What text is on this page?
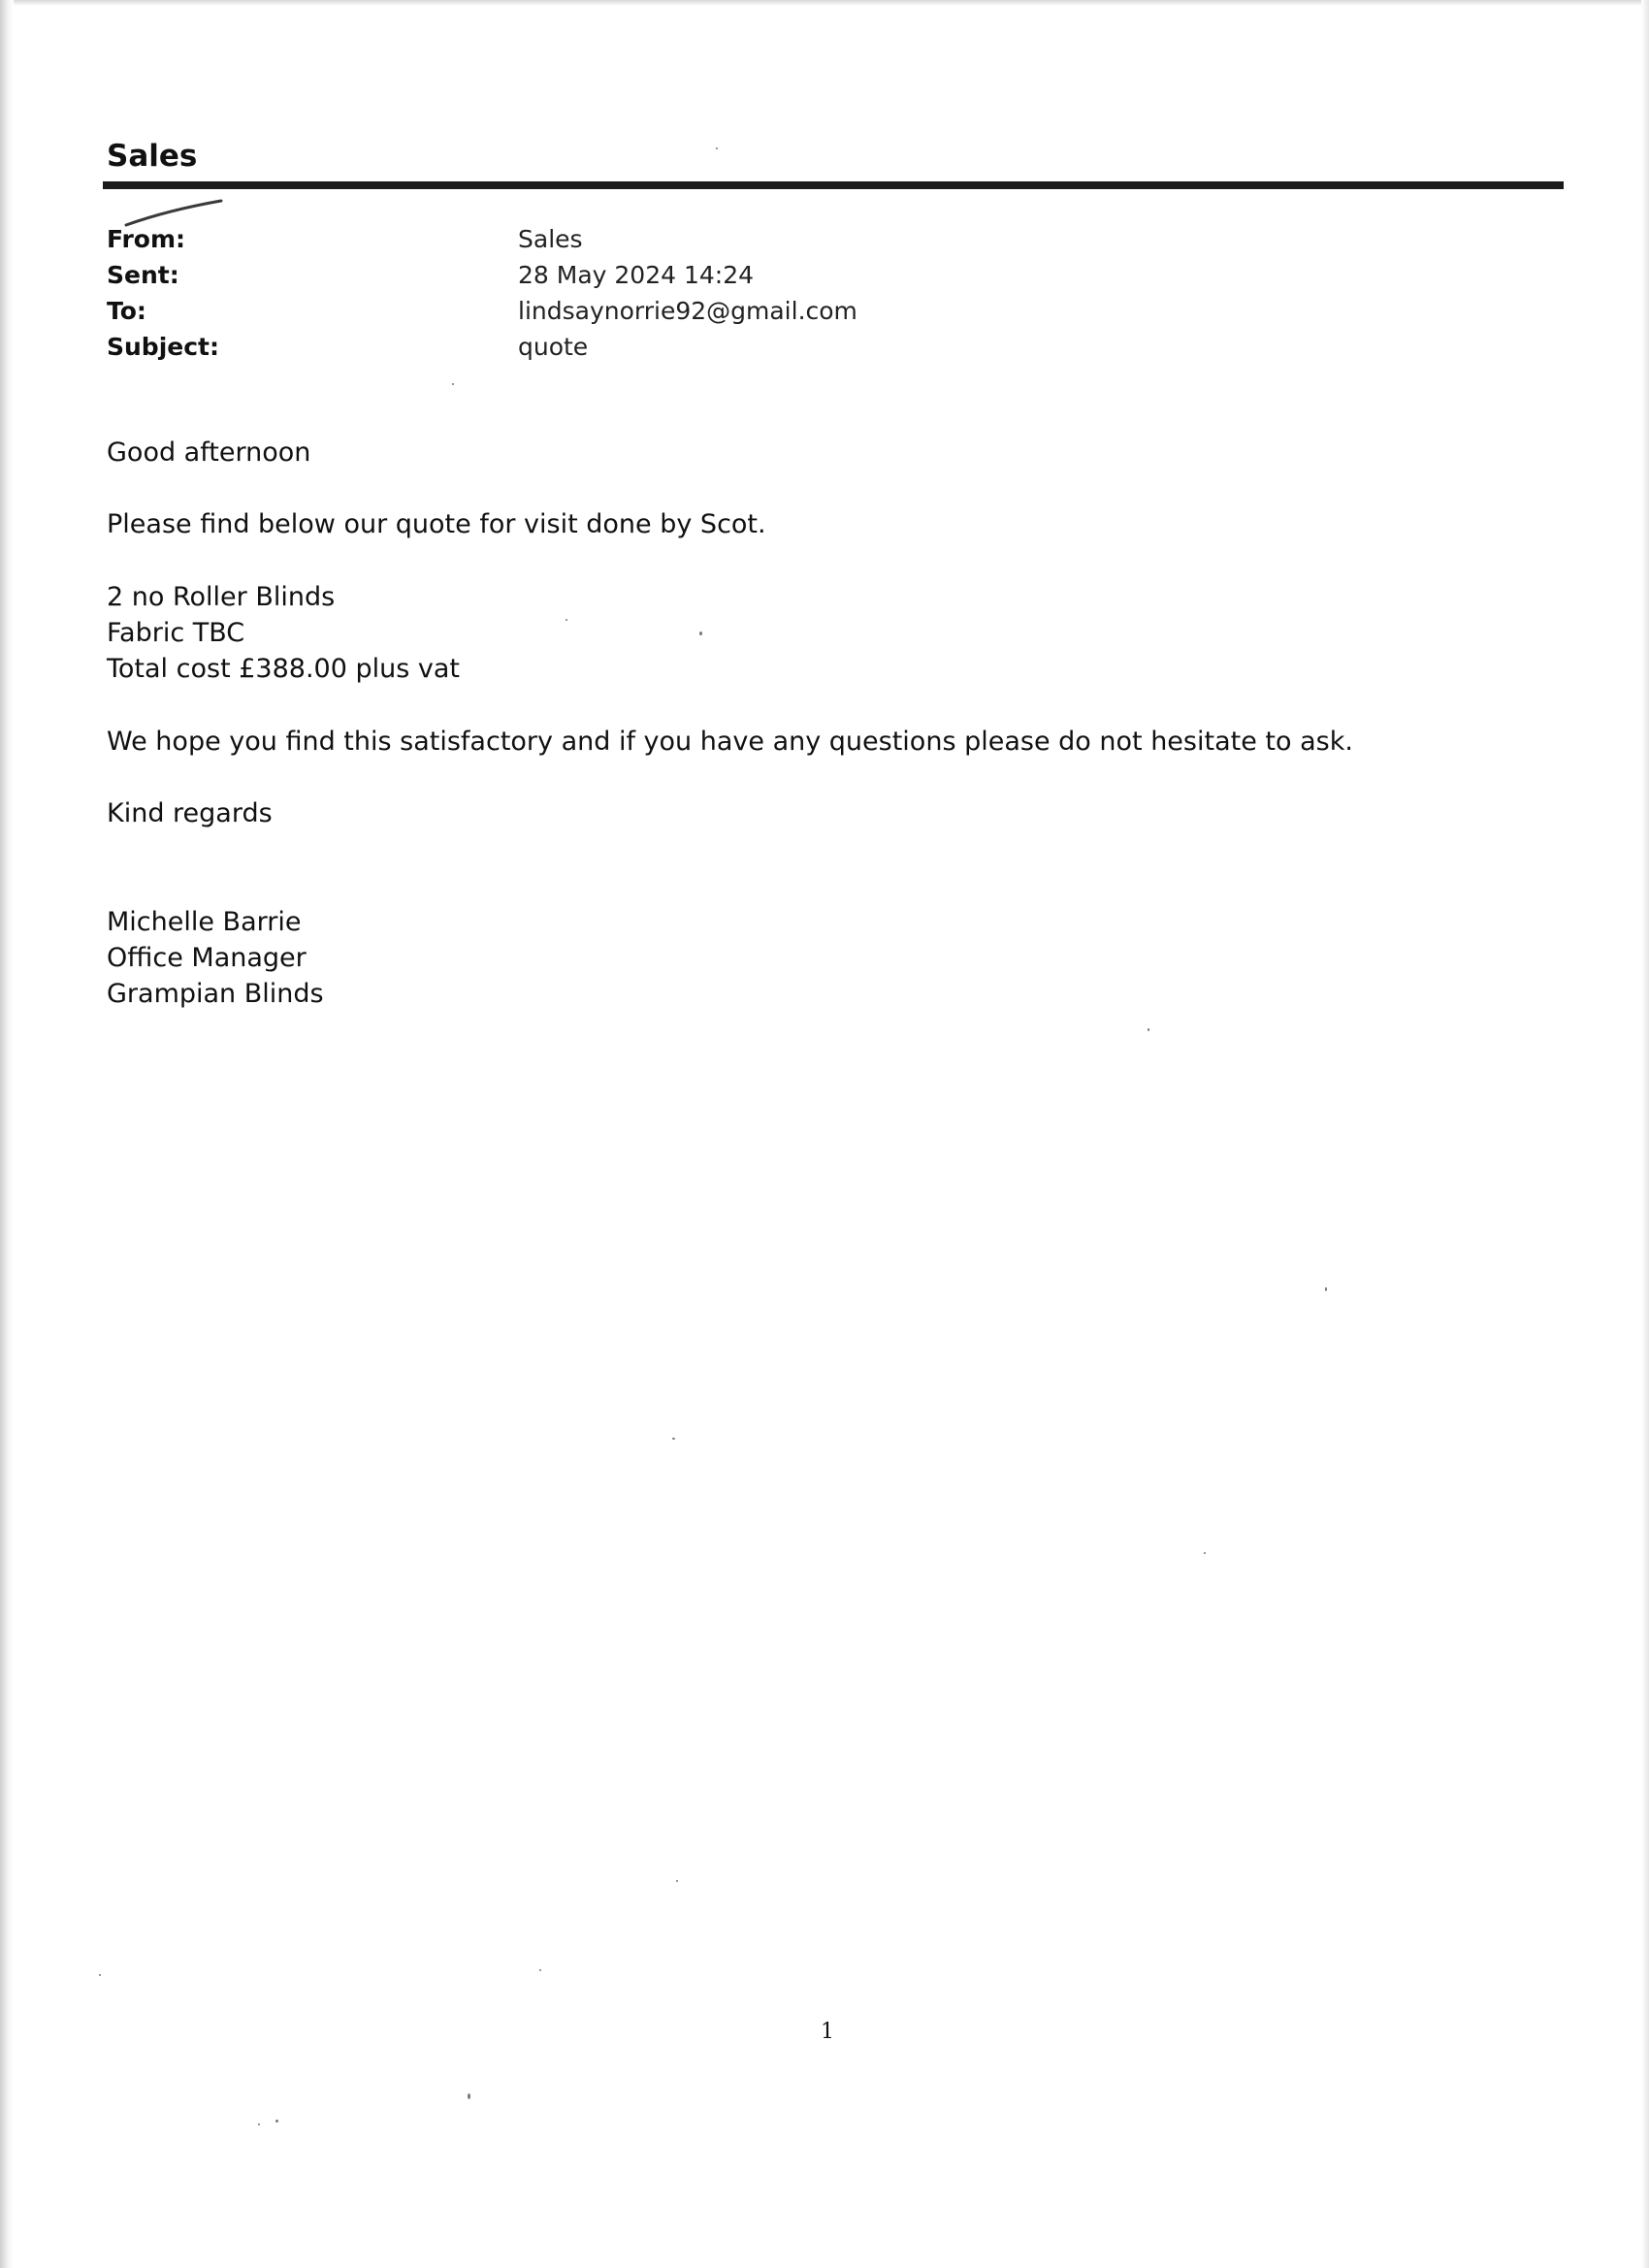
Sales
From:	Sales
Sent:	28 May 2024 14:24
To:	lindsaynorrie92@gmail.com
Subject:	quote
Good afternoon
Please find below our quote for visit done by Scot.
2 no Roller Blinds
Fabric TBC
Total cost £388.00 plus vat
We hope you find this satisfactory and if you have any questions please do not hesitate to ask.
Kind regards
Michelle Barrie
Office Manager
Grampian Blinds
1
